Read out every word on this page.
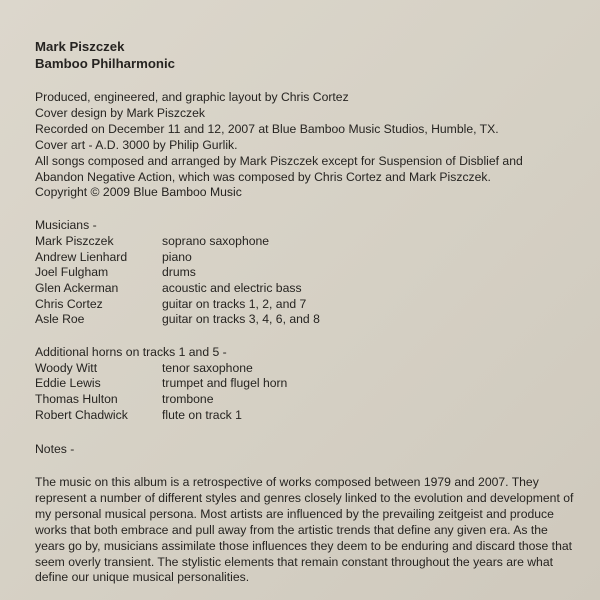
Mark Piszczek
Bamboo Philharmonic
Produced, engineered, and graphic layout by Chris Cortez
Cover design by Mark Piszczek
Recorded on December 11 and 12, 2007 at Blue Bamboo Music Studios, Humble, TX.
Cover art - A.D. 3000 by Philip Gurlik.
All songs composed and arranged by Mark Piszczek except for Suspension of Disblief and
Abandon Negative Action, which was composed by Chris Cortez and Mark Piszczek.
Copyright © 2009 Blue Bamboo Music
Musicians -
Mark Piszczek	soprano saxophone
Andrew Lienhard	piano
Joel Fulgham	drums
Glen Ackerman	acoustic and electric bass
Chris Cortez	guitar on tracks 1, 2, and 7
Asle Roe	guitar on tracks 3, 4, 6, and 8
Additional horns on tracks 1 and 5 -
Woody Witt	tenor saxophone
Eddie Lewis	trumpet and flugel horn
Thomas Hulton	trombone
Robert Chadwick	flute on track 1
Notes -
The music on this album is a retrospective of works composed between 1979 and 2007. They
represent a number of different styles and genres closely linked to the evolution and development of
my personal musical persona. Most artists are influenced by the prevailing zeitgeist and produce
works that both embrace and pull away from the artistic trends that define any given era. As the
years go by, musicians assimilate those influences they deem to be enduring and discard those that
seem overly transient. The stylistic elements that remain constant throughout the years are what
define our unique musical personalities.
